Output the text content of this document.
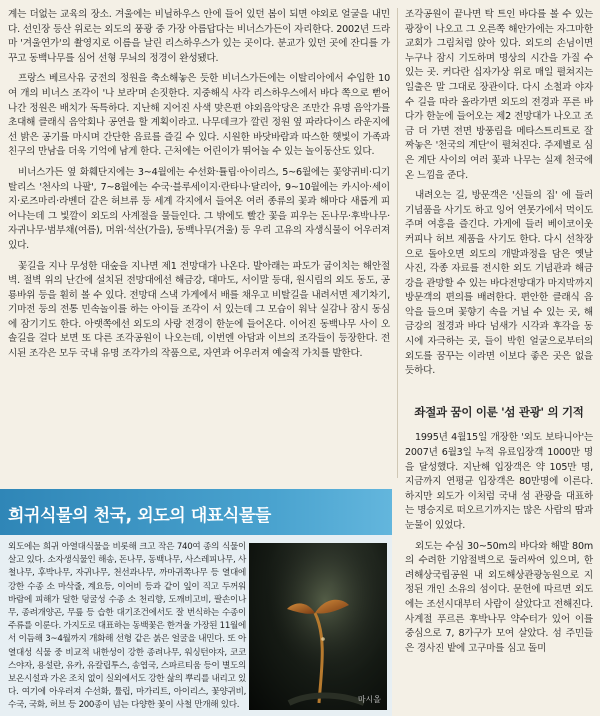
계는 더없는 교육의 장소. 겨울에는 비닐하우스 안에 들어 있던 봄이 되면 야외로 얼굴을 내민다. 선인장 등산 위로는 외도의 풍광 중 가장 아름답다는 비너스가든이 자리한다. 2002년 드라마 '겨울연가'의 촬영지로 이름을 날린 리스하우스가 있는 곳이다. 분교가 있던 곳에 잔디를 가꾸고 동백나무를 심어 선형 무늬의 정경이 완성됐다.

프랑스 베르사유 궁전의 정원을 축소해놓은 듯한 비너스가든에는 이탈리아에서 수입한 10여 개의 비너스 조각이 '나 보라'며 손짓한다. 지중해식 사각 리스하우스에서 바다 쪽으로 뻗어나간 정원은 배치가 독특하다. 지난해 지어진 사색 맞은편 야외음악당은 조만간 유명 음악가를 초대해 클래식 음악회나 공연을 할 계획이라고. 나무데크가 깔린 정원 옆 파라다이스 라운지에선 밝은 공기를 마시며 간단한 음료를 즐길 수 있다. 시원한 바닷바람과 따스한 햇빛이 가족과 친구의 만남을 더욱 기억에 남게 한다. 근처에는 어린이가 뛰어놀 수 있는 놀이동산도 있다.

비너스가든 옆 화훼단지에는 3~4월에는 수선화·튤립·아이리스, 5~6월에는 꽃양귀비·디기탈리스 '천사의 나팔', 7~8월에는 수국·블루세이지·란타나·달리아, 9~10월에는 카시아·세이지·로즈마리·라벤더 같은 허브류 등 세계 각지에서 들여온 여러 종류의 꽃과 해마다 새롭게 피어나는데 그 빛깔이 외도의 사계절을 물들인다. 그 밖에도 빨간 꽃을 피우는 돈나무·후박나무·자귀나무·범부채(여름), 머위·석산(가을), 동백나무(겨울) 등 우리 고유의 자생식물이 어우러져 있다.

꽃길을 지나 무성한 대숲을 지나면 제1 전망대가 나온다. 발아래는 파도가 굽이치는 해안절벽. 절벽 위의 난간에 설치된 전망대에선 해금강, 대마도, 서이말 등대, 원시림의 외도 동도, 공룡바위 등을 훤히 볼 수 있다. 전망대 스낵 가게에서 배를 채우고 비탈길을 내려서면 제기차기, 기마전 등의 전통 민속놀이를 하는 아이들 조각이 서 있는데 그 모습이 워낙 실감나 잠시 동심에 잠기기도 한다. 아랫쪽에선 외도의 사랑 전경이 한눈에 들어온다. 이어진 동백나무 사이 오솔길을 걸다 보면 또 다른 조각공원이 나오는데, 이번엔 아담과 이브의 조각들이 등장한다. 전시된 조각은 모두 국내 유명 조각가의 작품으로, 자연과 어우러져 예술적 가치를 발한다.

조각공원이 끝나면 탁 트인 바다를 볼 수 있는 광장이 나오고 그 오른쪽 해안가에는 자그마한 교회가 그림처럼 앉아 있다. 외도의 손님이면 누구나 잠시 기도하며 명상의 시간을 가질 수 있는 곳. 커다란 십자가상 위로 매일 펼쳐지는 일출은 말 그대로 장관이다. 다시 소철과 야자수 길을 따라 올라가면 외도의 전경과 푸른 바다가 한눈에 들어오는 제2 전망대가 나오고 조금 더 가면 전면 방풍림을 메타스트리트로 잘 짜놓은 '천국의 계단'이 펼쳐진다. 주제별로 심은 계단 사이의 여러 꽃과 나무는 실제 천국에 온 느낌을 준다.

내려오는 길, 방문객은 '신들의 집' 에 들러 기념품을 사기도 하고 잉어 연못가에서 먹이도 주며 여흥을 즐긴다. 가게에 들러 베이코이웃 커피나 허브 제품을 사기도 한다. 다시 선착장으로 돌아오면 외도의 개발과정을 담은 옛날 사진, 각종 자료를 전시한 외도 기념관과 해금강을 관망할 수 있는 바다전망대가 마지막까지 방문객의 편의를 배려한다. 편안한 클래식 음악을 들으며 꽃향기 속을 거닐 수 있는 곳, 해금강의 절경과 바다 넘새가 시각과 후각을 동시에 자극하는 곳, 들이 박힌 얼굴으로부터의 외도를 꿈꾸는 이라면 이보다 좋은 곳은 없을 듯하다.

좌절과 꿈이 이룬 '섬 관광' 의 기적

1995년 4월15일 개장한 '외도 보타니아'는 2007년 6월3일 누적 유료입장객 1000만 명을 달성했다. 지난해 입장객은 약 105만 명, 지금까지 연평균 입장객은 80만명에 이른다. 하지만 외도가 이처럼 국내 섬 관광을 대표하는 명승지로 떠오르기까지는 많은 사람의 땀과 눈물이 있었다.

외도는 수심 30~50m의 바다와 해발 80m의 수려한 기암절벽으로 둘러싸여 있으며, 한려해상국립공원 내 외도해상관광농원으로 지정된 개인 소유의 섬이다. 문헌에 따르면 외도에는 조선시대부터 사람이 살았다고 전해진다. 사계절 푸르른 후박나무 약수터가 있어 이를 중심으로 7, 8가구가 모여 살았다. 섬 주민들은 경사진 밭에 고구마를 심고 돌미

희귀식물의 천국, 외도의 대표식물들
외도에는 희귀 아열대식물을 비롯해 크고 작은 740여 종의 식물이 살고 있다. 소자생식물인 해송, 돈나무, 동백나무, 사스레피나무, 사철나무, 후박나무, 자귀나무, 천선과나무, 까마귀쪽나무 등 열대에 강한 수종 소 마삭줄, 계요등, 이어비 등과 같이 잎이 직고 두꺼워 바람에 피해가 덜한 덩굴성 수종 소 천리향, 도깨비고비, 팔손이나무, 종려개양곤, 무릎 등 습한 대기조건에서도 잘 번식하는 수종이 주류를 이룬다. 가지도로 대표하는 동백꽃은 한겨울 가장된 11월에서 이듬해 3~4월까지 개화해 선형 같은 붉은 얼굴을 내민다. 또 아열대성 식물 중 비교적 내한성이 강한 종려나무, 워싱턴야자, 코코스야자, 용설란, 유카, 유칼립투스, 송엽국, 스파르티움 등이 별도의 보온시설과 가온 조치 없이 실외에서도 강한 삶의 뿌리를 내리고 있다. 여기에 아우러져 수선화, 튤립, 마가리트, 아이리스, 꽃양귀비, 수국, 국화, 허브 등 200종이 넘는 다양한 꽃이 사철 만개해 있다.
마시올
